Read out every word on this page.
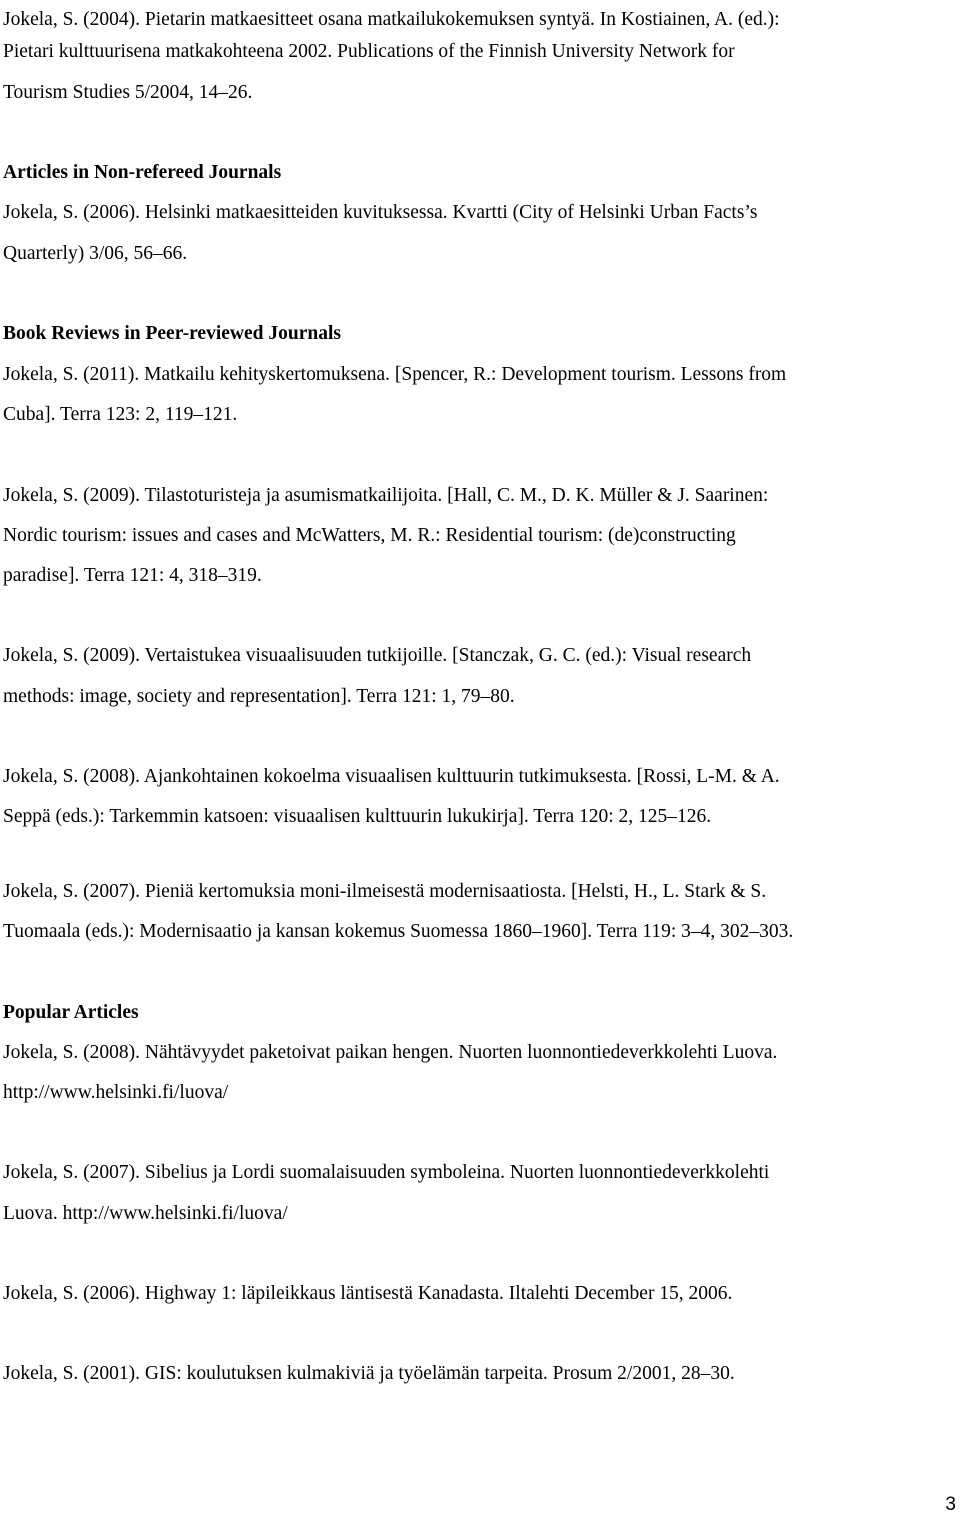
Jokela, S. (2004). Pietarin matkaesitteet osana matkailukokemuksen syntyä. In Kostiainen, A. (ed.):
Pietari kulttuurisena matkakohteena 2002. Publications of the Finnish University Network for
Tourism Studies 5/2004, 14–26.
Articles in Non-refereed Journals
Jokela, S. (2006). Helsinki matkaesitteiden kuvituksessa. Kvartti (City of Helsinki Urban Facts’s
Quarterly) 3/06, 56–66.
Book Reviews in Peer-reviewed Journals
Jokela, S. (2011). Matkailu kehityskertomuksena. [Spencer, R.: Development tourism. Lessons from
Cuba]. Terra 123: 2, 119–121.
Jokela, S. (2009). Tilastoturisteja ja asumismatkailijoita. [Hall, C. M., D. K. Müller & J. Saarinen:
Nordic tourism: issues and cases and McWatters, M. R.: Residential tourism: (de)constructing
paradise]. Terra 121: 4, 318–319.
Jokela, S. (2009). Vertaistukea visuaalisuuden tutkijoille. [Stanczak, G. C. (ed.): Visual research
methods: image, society and representation]. Terra 121: 1, 79–80.
Jokela, S. (2008). Ajankohtainen kokoelma visuaalisen kulttuurin tutkimuksesta. [Rossi, L-M. & A.
Seppä (eds.): Tarkemmin katsoen: visuaalisen kulttuurin lukukirja]. Terra 120: 2, 125–126.
Jokela, S. (2007). Pieniä kertomuksia moni-ilmeisestä modernisaatiosta. [Helsti, H., L. Stark & S.
Tuomaala (eds.): Modernisaatio ja kansan kokemus Suomessa 1860–1960]. Terra 119: 3–4, 302–303.
Popular Articles
Jokela, S. (2008). Nähtävyydet paketoivat paikan hengen. Nuorten luonnontiedeverkkolehti Luova.
http://www.helsinki.fi/luova/
Jokela, S. (2007). Sibelius ja Lordi suomalaisuuden symboleina. Nuorten luonnontiedeverkkolehti
Luova. http://www.helsinki.fi/luova/
Jokela, S. (2006). Highway 1: läpileikkaus läntisestä Kanadasta. Iltalehti December 15, 2006.
Jokela, S. (2001). GIS: koulutuksen kulmakiviä ja työelämän tarpeita. Prosum 2/2001, 28–30.
3
